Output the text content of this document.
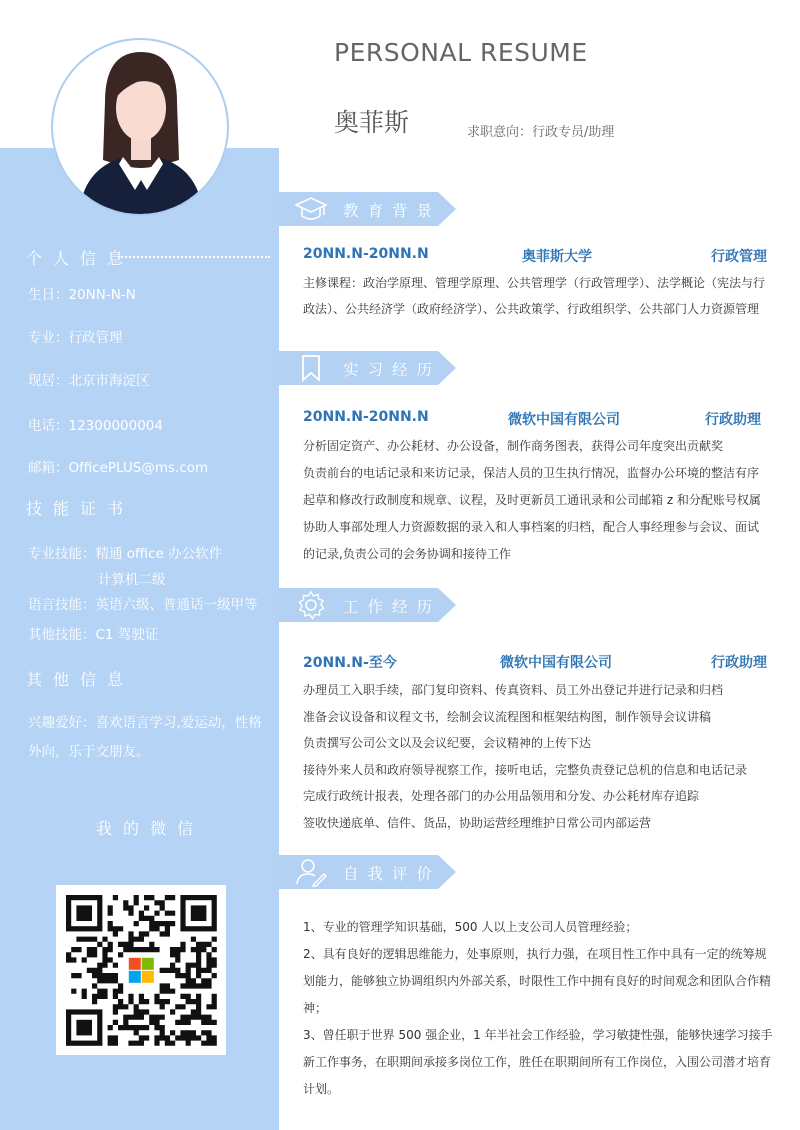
PERSONAL RESUME
奥菲斯	求职意向：行政专员/助理
个人信息
生日：20NN-N-N
专业：行政管理
现居：北京市海淀区
电话：12300000004
邮箱：OfficePLUS@ms.com
技能证书
专业技能：精通 office 办公软件
计算机二级
语言技能：英语六级、普通话一级甲等
其他技能：C1 驾驶证
其他信息
兴趣爱好：喜欢语言学习,爱运动，性格外向，乐于交朋友。
我的微信
教育背景
20NN.N-20NN.N	奥菲斯大学	行政管理
主修课程：政治学原理、管理学原理、公共管理学（行政管理学）、法学概论（宪法与行
政法）、公共经济学（政府经济学）、公共政策学、行政组织学、公共部门人力资源管理
实习经历
20NN.N-20NN.N	微软中国有限公司	行政助理
分析固定资产、办公耗材、办公设备，制作商务图表，获得公司年度突出贡献奖
负责前台的电话记录和来访记录，保洁人员的卫生执行情况，监督办公环境的整洁有序
起草和修改行政制度和规章、议程，及时更新员工通讯录和公司邮箱 z 和分配账号权属
协助人事部处理人力资源数据的录入和人事档案的归档，配合人事经理参与会议、面试
的记录,负责公司的会务协调和接待工作
工作经历
20NN.N-至今	微软中国有限公司	行政助理
办理员工入职手续，部门复印资料、传真资料、员工外出登记并进行记录和归档
准备会议设备和议程文书，绘制会议流程图和框架结构图，制作领导会议讲稿
负责撰写公司公文以及会议纪要，会议精神的上传下达
接待外来人员和政府领导视察工作，接听电话，完整负责登记总机的信息和电话记录
完成行政统计报表，处理各部门的办公用品领用和分发、办公耗材库存追踪
签收快递底单、信件、货品，协助运营经理维护日常公司内部运营
自我评价
1、专业的管理学知识基础，500 人以上支公司人员管理经验；
2、具有良好的逻辑思维能力，处事原则，执行力强，在项目性工作中具有一定的统筹规
划能力，能够独立协调组织内外部关系，时限性工作中拥有良好的时间观念和团队合作精
神；
3、曾任职于世界 500 强企业，1 年半社会工作经验，学习敏捷性强，能够快速学习接手
新工作事务，在职期间承接多岗位工作，胜任在职期间所有工作岗位，入围公司潜才培育
计划。
